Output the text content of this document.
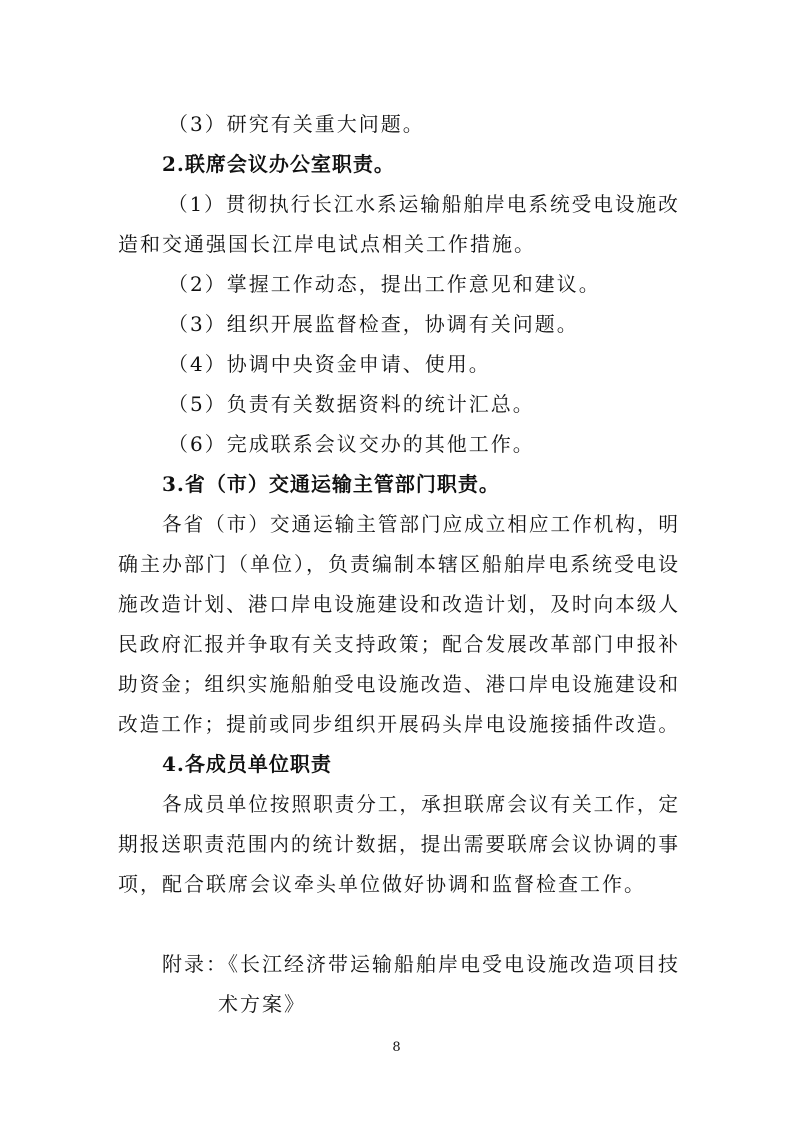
（3）研究有关重大问题。
2.联席会议办公室职责。
（1）贯彻执行长江水系运输船舶岸电系统受电设施改
造和交通强国长江岸电试点相关工作措施。
（2）掌握工作动态，提出工作意见和建议。
（3）组织开展监督检查，协调有关问题。
（4）协调中央资金申请、使用。
（5）负责有关数据资料的统计汇总。
（6）完成联系会议交办的其他工作。
3.省（市）交通运输主管部门职责。
各省（市）交通运输主管部门应成立相应工作机构，明
确主办部门（单位），负责编制本辖区船舶岸电系统受电设
施改造计划、港口岸电设施建设和改造计划，及时向本级人
民政府汇报并争取有关支持政策；配合发展改革部门申报补
助资金；组织实施船舶受电设施改造、港口岸电设施建设和
改造工作；提前或同步组织开展码头岸电设施接插件改造。
4.各成员单位职责
各成员单位按照职责分工，承担联席会议有关工作，定
期报送职责范围内的统计数据，提出需要联席会议协调的事
项，配合联席会议牵头单位做好协调和监督检查工作。
附录：《长江经济带运输船舶岸电受电设施改造项目技
术方案》
8
